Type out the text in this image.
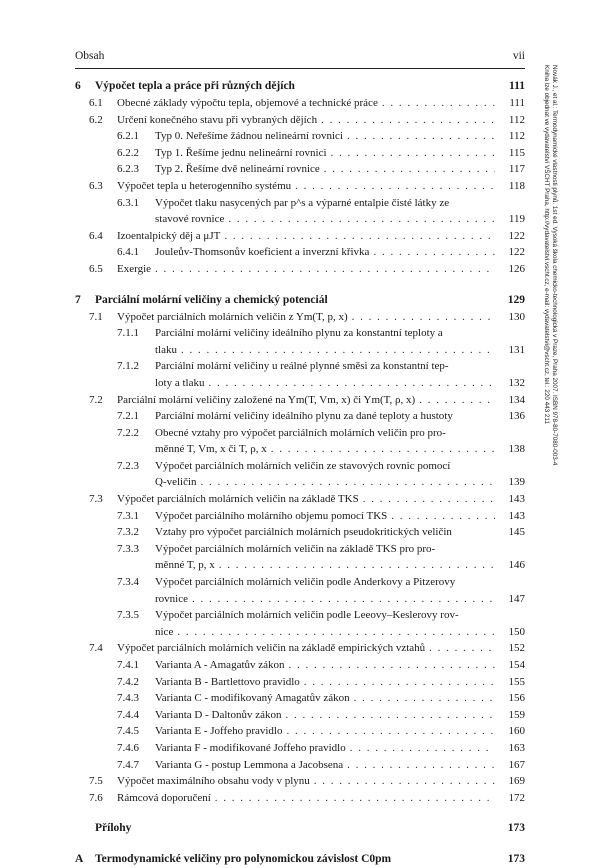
Obsah	vii
6 Výpočet tepla a práce při různých dějích	111
6.1 Obecné základy výpočtu tepla, objemové a technické práce . . .	111
6.2 Určení konečného stavu při vybraných dějích . . .	112
6.2.1 Typ 0. Neřešíme žádnou nelineární rovnici . . .	112
6.2.2 Typ 1. Řešíme jednu nelineární rovnici . . .	115
6.2.3 Typ 2. Řešíme dvě nelineární rovnice . . .	117
6.3 Výpočet tepla u heterogenního systému . . .	118
6.3.1 Výpočet tlaku nasycených par p^s a výparné entalpie čisté látky ze
stavové rovnice . . .	119
6.4 Izoentalpický děj a μJT . . .	122
6.4.1 Jouleův-Thomsonův koeficient a inverzní křivka . . .	122
6.5 Exergie . . .	126
7 Parciální molární veličiny a chemický potenciál	129
7.1 Výpočet parciálních molárních veličin z Ym(T, p, x) . . .	130
7.1.1 Parciální molární veličiny ideálního plynu za konstantní teploty a
tlaku . . .	131
7.1.2 Parciální molární veličiny u reálné plynné směsi za konstantní tep-
loty a tlaku . . .	132
7.2 Parciální molární veličiny založené na Ym(T, Vm, x) či Ym(T, ρ, x) . . .	134
7.2.1 Parciální molární veličiny ideálního plynu za dané teploty a hustoty	136
7.2.2 Obecné vztahy pro výpočet parciálních molárních veličin pro pro-
měnné T, Vm, x či T, ρ, x . . .	138
7.2.3 Výpočet parciálních molárních veličin ze stavových rovnic pomocí
Q-veličin . . .	139
7.3 Výpočet parciálních molárních veličin na základě TKS . . .	143
7.3.1 Výpočet parciálního molárního objemu pomocí TKS . . .	143
7.3.2 Vztahy pro výpočet parciálních molárních pseudokritických veličin	145
7.3.3 Výpočet parciálních molárních veličin na základě TKS pro pro-
měnné T, p, x . . .	146
7.3.4 Výpočet parciálních molárních veličin podle Anderkovy a Pitzerovy
rovnice . . .	147
7.3.5 Výpočet parciálních molárních veličin podle Leeovy–Keslerovy rov-
nice . . .	150
7.4 Výpočet parciálních molárních veličin na základě empirických vztahů . . .	152
7.4.1 Varianta A - Amagatův zákon . . .	154
7.4.2 Varianta B - Bartlettovo pravidlo . . .	155
7.4.3 Varianta C - modifikovaný Amagatův zákon . . .	156
7.4.4 Varianta D - Daltonův zákon . . .	159
7.4.5 Varianta E - Joffeho pravidlo . . .	160
7.4.6 Varianta F - modifikované Joffeho pravidlo . . .	163
7.4.7 Varianta G - postup Lemmona a Jacobsena . . .	167
7.5 Výpočet maximálního obsahu vody v plynu . . .	169
7.6 Rámcová doporučení . . .	172
Přílohy	173
A Termodynamické veličiny pro polynomickou závislost C0pm	173
Novák J., et al.: Termodynamické vlastnosti plynů. 1st ed. Vysoká škola chemicko-technologická v Praze, Praha 2007. ISBN 978-80-7080-003-4
Kniha lze objednat ve vydavatelství VŠCHT Praha, http://vydavatelstvi.vscht.cz, e-mail: vydavatelstvi@vscht.cz, tel.: 220 443 211
